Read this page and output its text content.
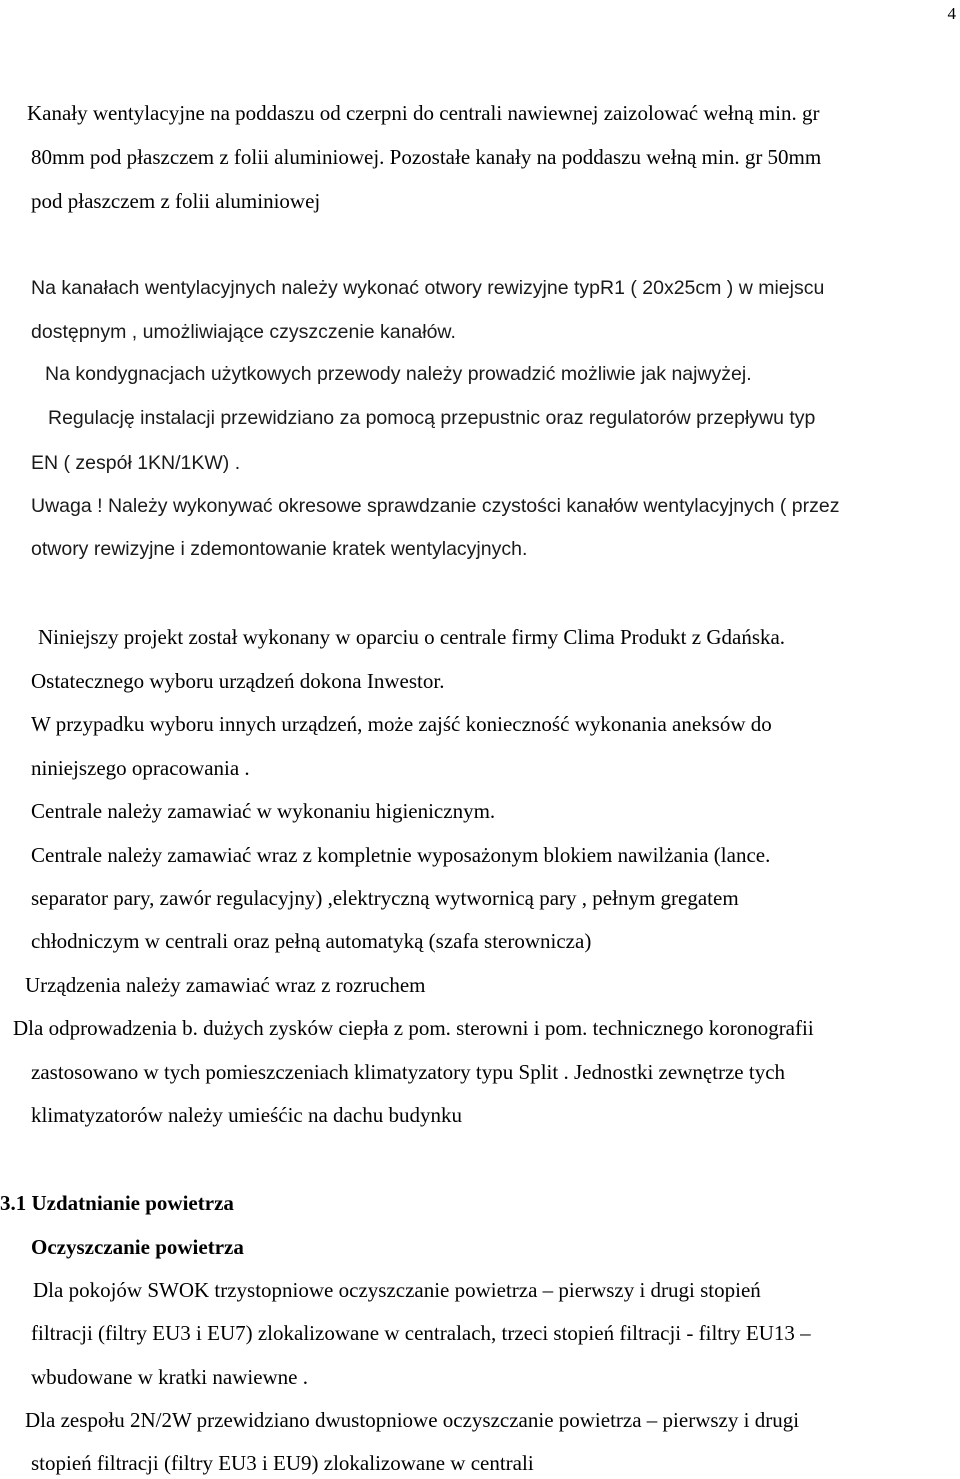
4
Kanały wentylacyjne na poddaszu od czerpni do centrali nawiewnej zaizolować wełną min. gr
80mm pod płaszczem z folii aluminiowej. Pozostałe kanały na poddaszu wełną min. gr 50mm
pod płaszczem z folii aluminiowej
Na kanałach wentylacyjnych należy wykonać otwory rewizyjne typR1 ( 20x25cm ) w miejscu
dostępnym , umożliwiające czyszczenie kanałów.
Na kondygnacjach użytkowych przewody należy prowadzić możliwie jak najwyżej.
Regulację instalacji przewidziano za pomocą przepustnic oraz regulatorów przepływu typ
EN ( zespół 1KN/1KW) .
Uwaga ! Należy wykonywać okresowe sprawdzanie czystości kanałów wentylacyjnych ( przez
otwory rewizyjne i zdemontowanie kratek wentylacyjnych.
Niniejszy projekt został wykonany w oparciu o centrale firmy Clima Produkt z Gdańska.
Ostatecznego wyboru urządzeń dokona Inwestor.
W przypadku wyboru innych urządzeń, może zajść konieczność wykonania aneksów do
niniejszego opracowania .
Centrale należy zamawiać w wykonaniu higienicznym.
Centrale należy zamawiać wraz z kompletnie wyposażonym blokiem nawilżania (lance.
separator pary, zawór regulacyjny) ,elektryczną wytwornicą pary , pełnym gregatem
chłodniczym w centrali oraz pełną automatyką (szafa sterownicza)
Urządzenia należy zamawiać wraz z rozruchem
Dla odprowadzenia b. dużych zysków ciepła z pom. sterowni i pom. technicznego koronografii
zastosowano w tych pomieszczeniach klimatyzatory typu Split . Jednostki zewnętrze tych
klimatyzatorów należy umieśćic na dachu budynku
3.1 Uzdatnianie powietrza
Oczyszczanie powietrza
Dla pokojów SWOK trzystopniowe oczyszczanie powietrza – pierwszy i drugi stopień
filtracji (filtry EU3 i EU7) zlokalizowane w centralach, trzeci stopień filtracji - filtry EU13 –
wbudowane w kratki nawiewne .
Dla zespołu 2N/2W przewidziano dwustopniowe oczyszczanie powietrza – pierwszy i drugi
stopień filtracji (filtry EU3 i EU9) zlokalizowane w centrali
